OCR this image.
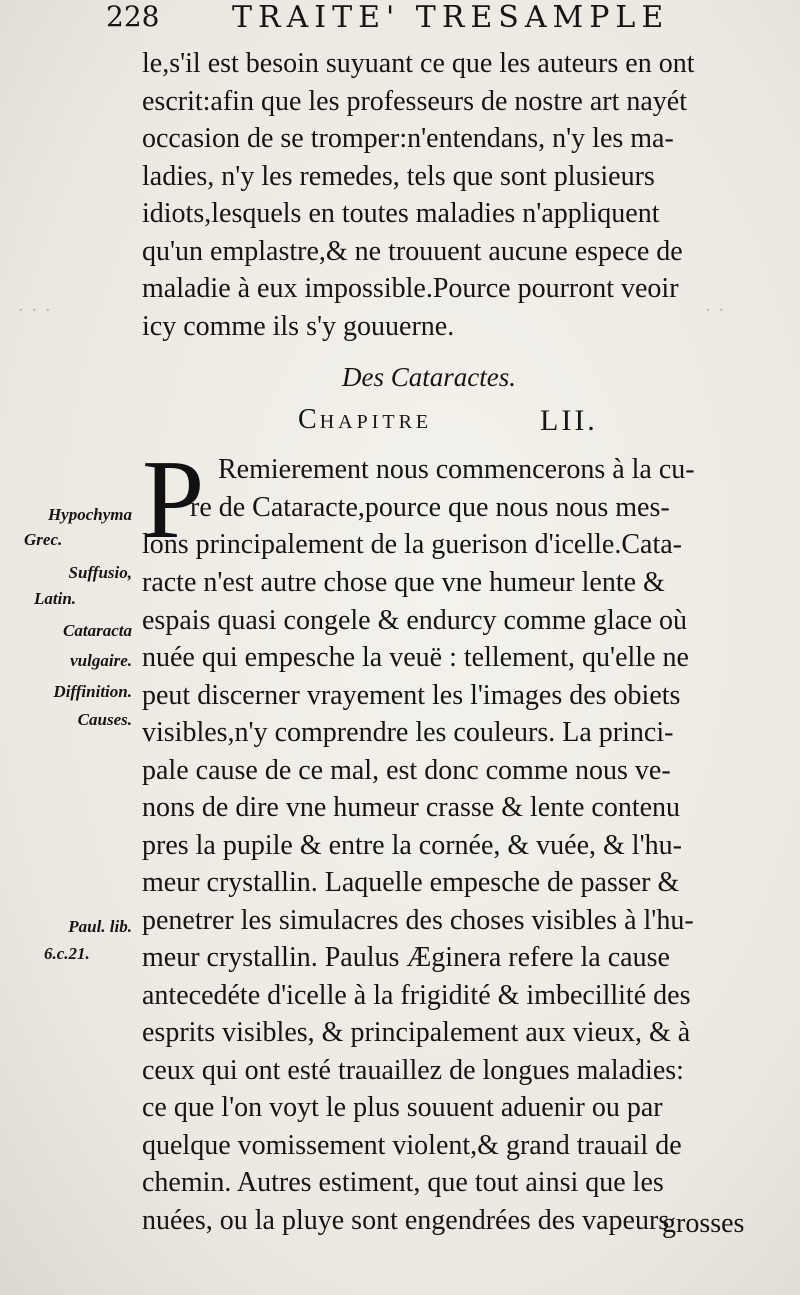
· · ·	· ·
228 TRAITE' TRESAMPLE
le,s'il est besoin suyuant ce que les auteurs en ont
escrit:afin que les professeurs de nostre art nayét
occasion de se tromper:n'entendans, n'y les ma-
ladies, n'y les remedes, tels que sont plusieurs
idiots,lesquels en toutes maladies n'appliquent
qu'un emplastre,& ne trouuent aucune espece de
maladie à eux impossible.Pource pourront veoir
icy comme ils s'y gouuerne.
Des Cataractes.
CHAPITRE	LII.
P Remierement nous commencerons à la cu-
re de Cataracte,pource que nous nous mes-
lons principalement de la guerison d'icelle.Cata-
racte n'est autre chose que vne humeur lente &
espais quasi congele & endurcy comme glace où
nuée qui empesche la veuë : tellement, qu'elle ne
peut discerner vrayement les l'images des obiets
visibles,n'y comprendre les couleurs. La princi-
pale cause de ce mal, est donc comme nous ve-
nons de dire vne humeur crasse & lente contenu
pres la pupile & entre la cornée, & vuée, & l'hu-
meur crystallin. Laquelle empesche de passer &
penetrer les simulacres des choses visibles à l'hu-
meur crystallin. Paulus Æginera refere la cause
antecedéte d'icelle à la frigidité & imbecillité des
esprits visibles, & principalement aux vieux, & à
ceux qui ont esté trauaillez de longues maladies:
ce que l'on voyt le plus souuent aduenir ou par
quelque vomissement violent,& grand trauail de
chemin. Autres estiment, que tout ainsi que les
nuées, ou la pluye sont engendrées des vapeurs
grosses
Hypochyma
Grec.
Suffusio,
Latin.
Cataracta
vulgaire.
Diffinition.
Causes.
Paul. lib.
6.c.21.
